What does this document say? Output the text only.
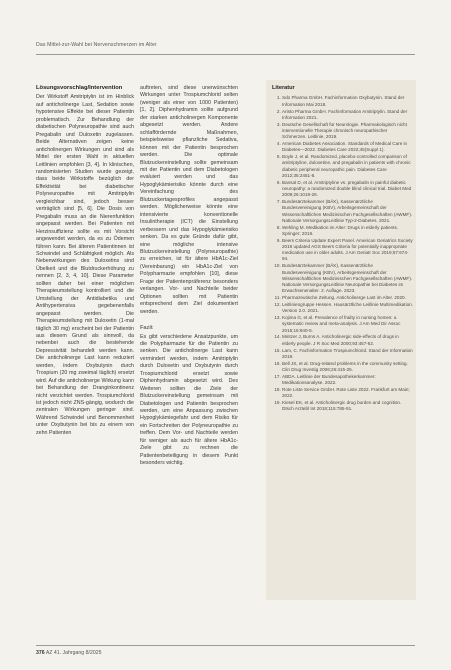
Das Mittel-zur-Wahl bei Nervenschmerzen im Alter
Lösungsvorschlag/Intervention

Der Wirkstoff Amitriptylin ist im Hinblick auf anticholinerge Last, Sedation sowie hypotensive Effekte bei dieser Patientin problematisch. Zur Behandlung der diabetischen Polyneuropathie sind auch Pregabalin und Duloxetin zugelassen. Beide Alternativen zeigen keine anticholinergen Wirkungen und sind als Mittel der ersten Wahl in aktuellen Leitlinien empfohlen [3, 4]. In klinischen, randomisierten Studien wurde gezeigt, dass beide Wirkstoffe bezüglich der Effektivität bei diabetischer Polyneuropathie mit Amitriptylin vergleichbar sind, jedoch besser verträglich sind [5, 6]. Die Dosis von Pregabalin muss an die Nierenfunktion angepasst werden. Bei Patienten mit Herzinsuffizienz sollte es mit Vorsicht angewendet werden, da es zu Ödemen führen kann. Bei älteren Patientinnen ist Schwindel und Schläfrigkeit möglich. Als Nebenwirkungen des Duloxetins sind Übelkeit und die Blutdruckerhöhung zu nennen [2, 3, 4, 10]. Diese Parameter sollten daher bei einer möglichen Therapieumstellung kontrolliert und die Umstellung der Antidiabetika und Antihypertensiva gegebenenfalls angepasst werden. Die Therapieumstellung mit Duloxetin (1-mal täglich 30 mg) erscheint bei der Patientin aus diesem Grund als sinnvoll, da nebenbei auch die bestehende Depressivität behandelt werden kann. Die anticholinerge Last kann reduziert werden, indem Oxybutynin durch Trospium (20 mg zweimal täglich) ersetzt wird. Auf die anticholinerge Wirkung kann bei Behandlung der Dranginkontinenz nicht verzichtet werden. Trospiumchlorid ist jedoch nicht ZNS-gängig, wodurch die zentralen Wirkungen geringer sind. Während Schwindel und Benommenheit unter Oxybutynin bei bis zu einem von zehn Patienten

auftreten, sind diese unerwünschten Wirkungen unter Trospiumchlorid selten (weniger als einer von 1000 Patienten) [1, 2]. Diphenhydramin sollte aufgrund der starken anticholinergen Komponente abgesetzt werden. Andere schlaffördernde Maßnahmen, beispielsweise pflanzliche Sedativa, können mit der Patientin besprochen werden. Die optimale Blutzuckereinstellung sollte gemeinsam mit der Patientin und dem Diabetologen evaluiert werden und das Hypoglykämierisiko könnte durch eine Vereinfachung des Blutzuckertagesprofiles angepasst werden. Möglicherweise könnte eine intensivierte konventionelle Insulintherapie (ICT) die Einstellung verbessern und das Hypoglykämierisiko senken. Da es gute Gründe dafür gibt, eine mögliche intensive Blutzuckereinstellung (Polyneuropathie) zu erreichen, ist für ältere HbA1c-Ziel (Vereinbarung) ein HbA1c-Ziel von Polypharmazie empfohlen [10], diese Frage der Patientenpräferenz besonders verlangen. Vor- und Nachteile beider Optionen sollten mit Patientin entsprechend dem Ziel dokumentiert werden.

Fazit

Es gibt verschiedene Ansatzpunkte, um die Polypharmazie für die Patientin zu senken. Die anticholinerge Last kann vermindert werden, indem Amitriptylin durch Duloxetin und Oxybutynin durch Trospiumchlorid ersetzt sowie Diphenhydramin abgesetzt wird. Des Weiteren sollten die Ziele der Blutzuckereinstellung gemeinsam mit Diabetologen und Patientin besprochen werden, um eine Anpassung zwischen Hypoglykämiegefahr und dem Risiko für ein Fortschreiten der Polyneuropathie zu treffen. Dem Vor- und Nachteile werden für weniger als auch für ältere HbA1c-Ziele gibt zu rechnen die Patientenbeteiligung in diesem Punkt besonders wichtig.

Literatur
1. Sdo Pharma GmbH. Fachinformation Oxybutynin. Stand der Information Mai 2018.
2. Aristo Pharma GmbH. Fachinformation Amitriptylin. Stand der Information 2021.
3. Deutsche Gesellschaft für Neurologie. Pharmakologisch nicht interventionelle Therapie chronisch neuropathischer Schmerzen. Leitlinie, 2019.
4. American Diabetes Association. Standards of Medical Care in Diabetes—2022. Diabetes Care 2022;45(Suppl 1).
5. Boyle J, et al. Randomized, placebo-controlled comparison of amitriptyline, duloxetine, and pregabalin in patients with chronic diabetic peripheral neuropathic pain. Diabetes Care 2012;35:2451-8.
6. Bansal D, et al. Amitriptyline vs. pregabalin in painful diabetic neuropathy: a randomized double blind clinical trial. Diabet Med 2009;26:1019-26.
7. Bundesärztekammer (BÄK), Kassenärztliche Bundesvereinigung (KBV), Arbeitsgemeinschaft der Wissenschaftlichen Medizinischen Fachgesellschaften (AWMF). Nationale VersorgungsLeitlinie Typ-2-Diabetes. 2021.
8. Wehling M. Medikation im Alter: Drugs in elderly patients. Springer; 2016.
9. Beers Criteria Update Expert Panel. American Geriatrics Society 2019 updated AGS Beers Criteria for potentially inappropriate medication use in older adults. J Am Geriatr Soc 2019;67:674-94.
10. Bundesärztekammer (BÄK), Kassenärztliche Bundesvereinigung (KBV), Arbeitsgemeinschaft der Wissenschaftlichen Medizinischen Fachgesellschaften (AWMF). Nationale VersorgungsLeitlinie Neuropathie bei Diabetes im Erwachsenenalter. 2. Auflage. 2023.
11. Pharmazeutische Zeitung. Anticholinerge Last im Alter. 2020.
12. Leitliniengruppe Hessen. Hausärztliche Leitlinie Multimedikation. Version 2.0. 2021.
13. Kojima G, et al. Prevalence of frailty in nursing homes: a systematic review and meta-analysis. J Am Med Dir Assoc 2015;16:940-5.
14. Mintzer J, Burns A. Anticholinergic side-effects of drugs in elderly people. J R Soc Med 2000;93:457-62.
15. Lam, C. Fachinformation Trospiumchlorid. Stand der Information 2019.
16. Bell JS, et al. Drug-related problems in the community setting. Clin Drug Investig 2006;26:415-25.
17. ABDA. Leitlinie der Bundesapothekerkammer: Medikationsanalyse. 2022.
18. Rote Liste Service GmbH. Rote Liste 2022. Frankfurt am Main; 2022.
19. Kiesel EK, et al. Anticholinergic drug burden and cognition. Dtsch Arztebl Int 2018;115:785-91.
376 AZ 41. Jahrgang 8/2025
